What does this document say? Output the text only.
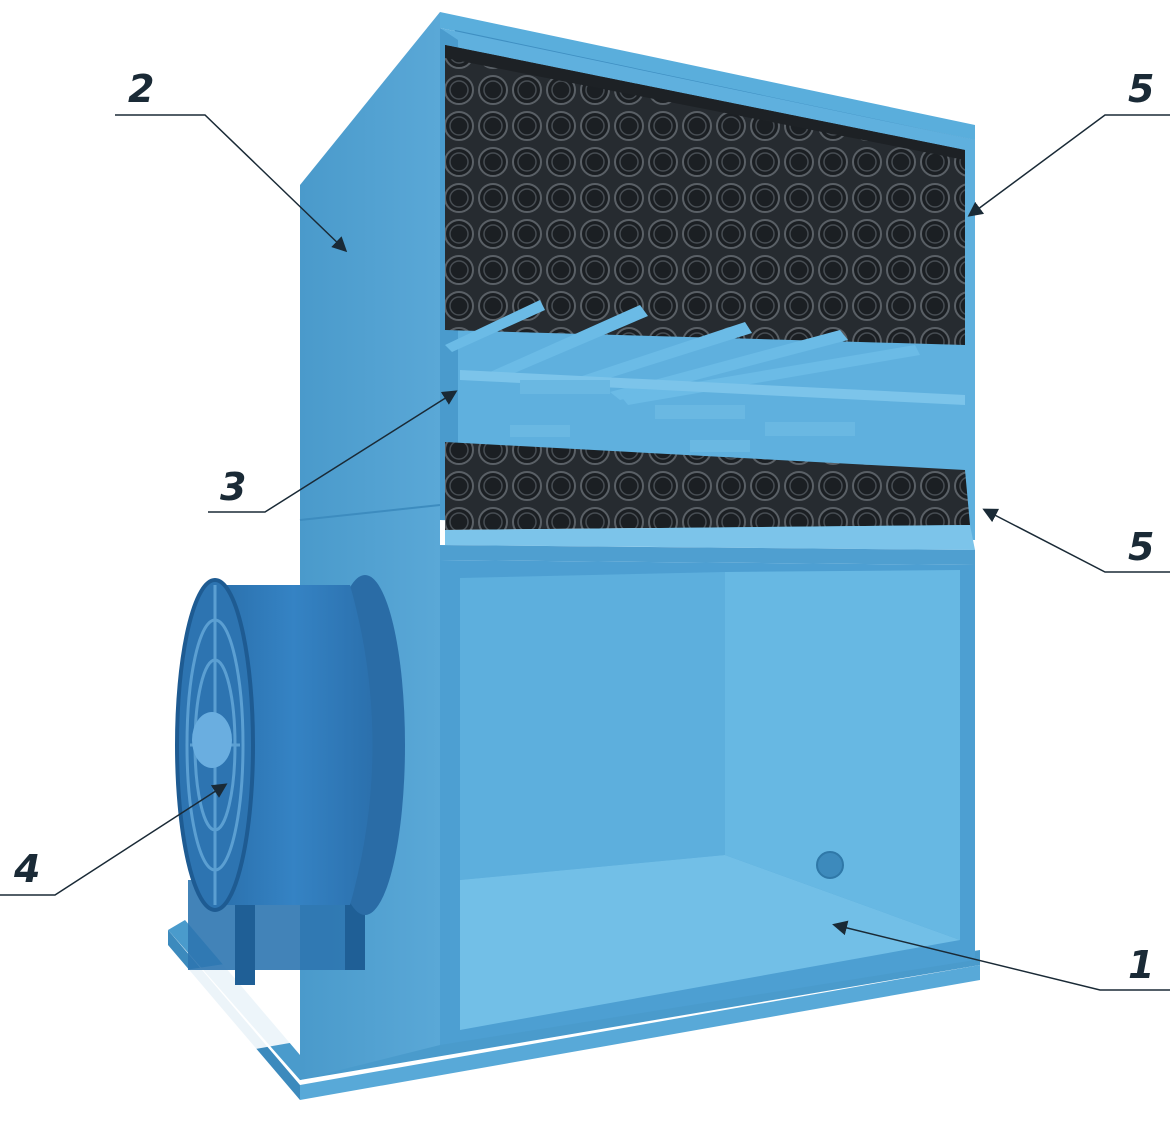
2	5
3
5
4
1
